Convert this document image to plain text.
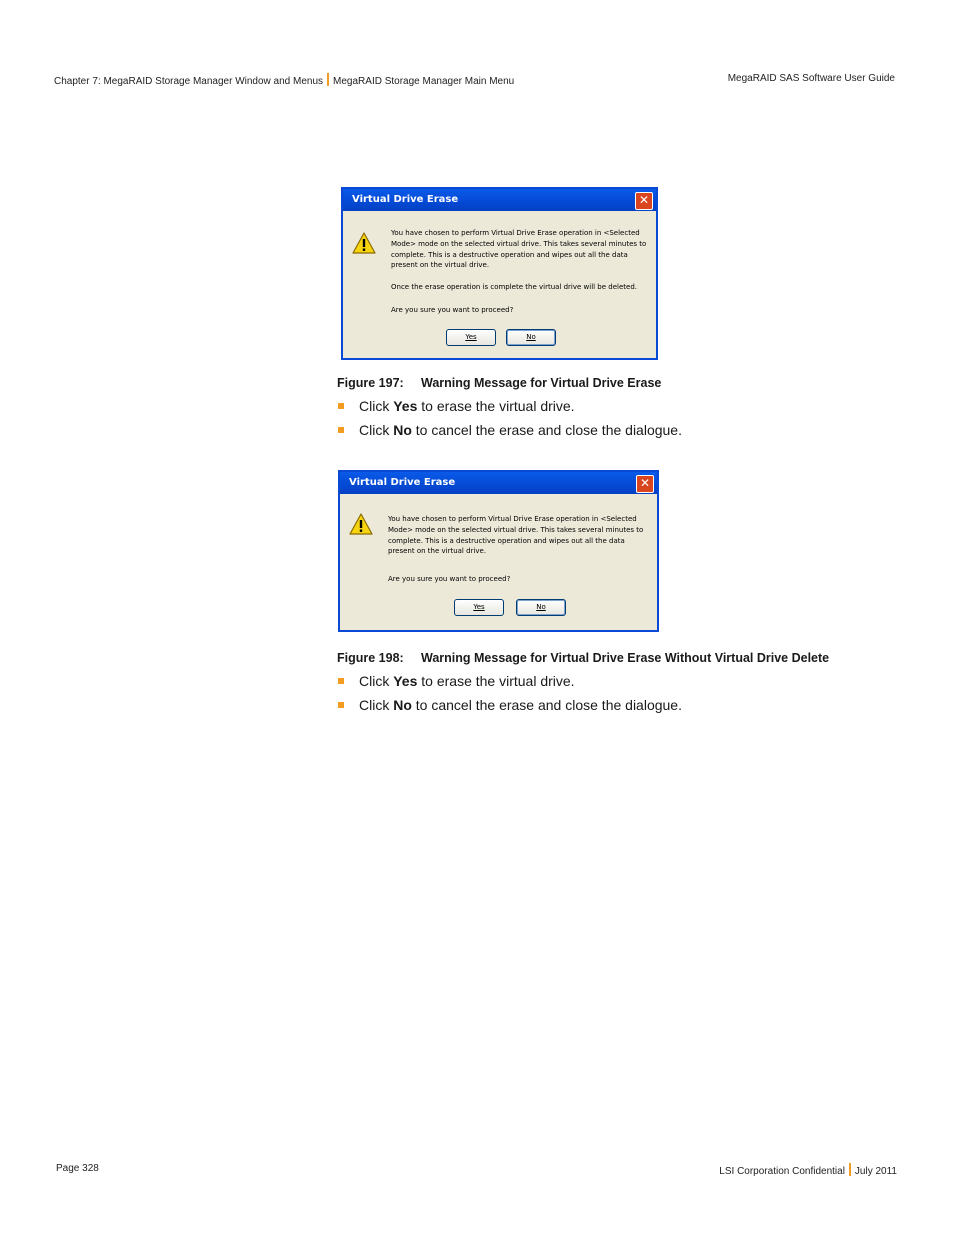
Chapter 7: MegaRAID Storage Manager Window and Menus MegaRAID Storage Manager Main Menu	MegaRAID SAS Software User Guide
Virtual Drive Erase	✕

You have chosen to perform Virtual Drive Erase operation in <Selected

Mode> mode on the selected virtual drive. This takes several minutes to

complete. This is a destructive operation and wipes out all the data

present on the virtual drive.

Once the erase operation is complete the virtual drive will be deleted.

Are you sure you want to proceed?

Yes	No
Figure 197: Warning Message for Virtual Drive Erase
Click Yes to erase the virtual drive.
Click No to cancel the erase and close the dialogue.
Virtual Drive Erase	✕

You have chosen to perform Virtual Drive Erase operation in <Selected

Mode> mode on the selected virtual drive. This takes several minutes to

complete. This is a destructive operation and wipes out all the data

present on the virtual drive.

Are you sure you want to proceed?

Yes	No
Figure 198: Warning Message for Virtual Drive Erase Without Virtual Drive Delete
Click Yes to erase the virtual drive.
Click No to cancel the erase and close the dialogue.
Page 328	LSI Corporation Confidential July 2011
